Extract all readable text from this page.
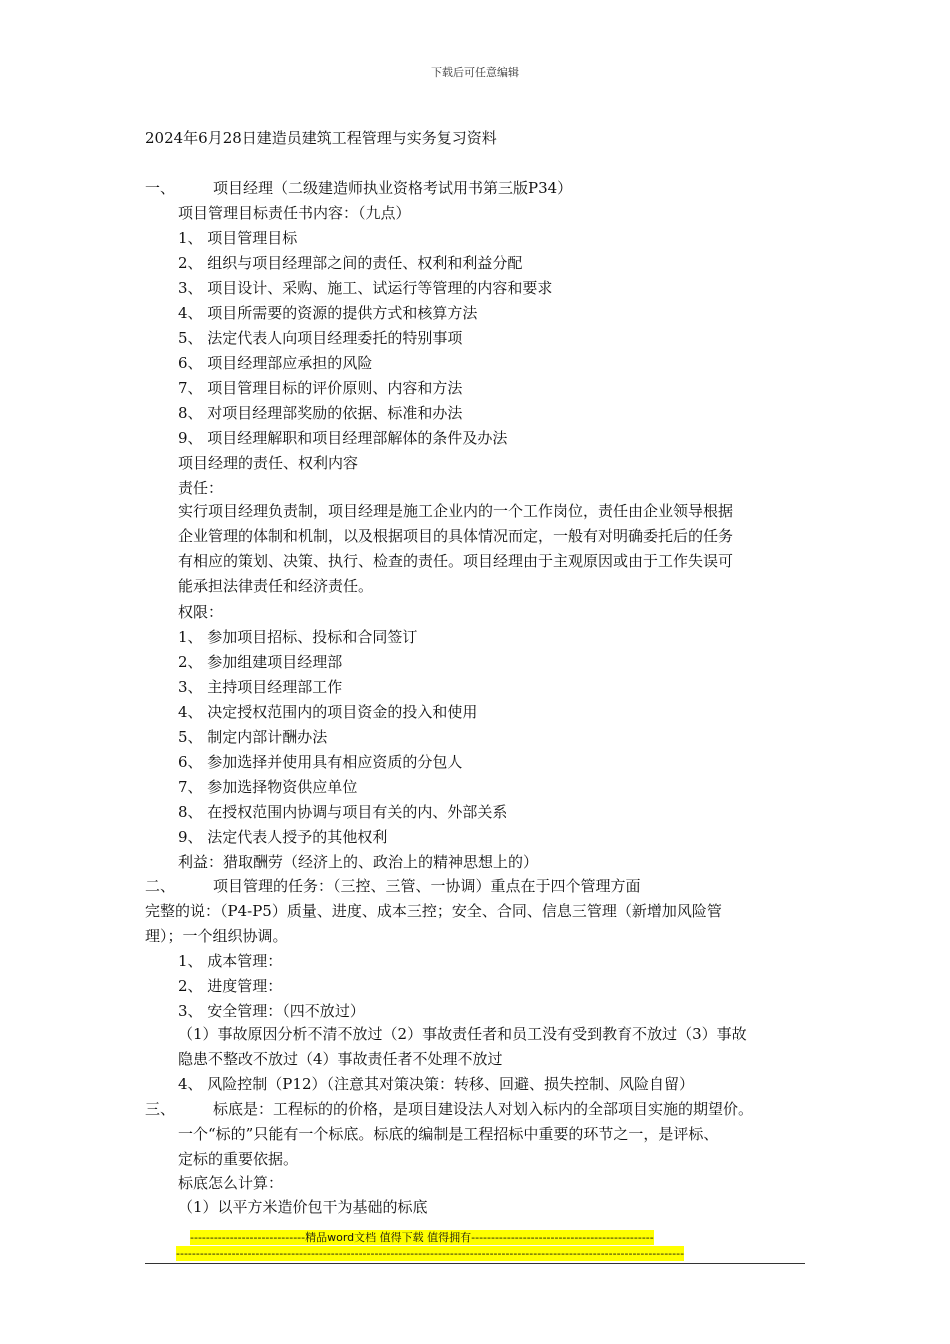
下载后可任意编辑
2024年6月28日建造员建筑工程管理与实务复习资料
一、	项目经理（二级建造师执业资格考试用书第三版P34）
项目管理目标责任书内容：（九点）
1、 项目管理目标
2、 组织与项目经理部之间的责任、权利和利益分配
3、 项目设计、采购、施工、试运行等管理的内容和要求
4、 项目所需要的资源的提供方式和核算方法
5、 法定代表人向项目经理委托的特别事项
6、 项目经理部应承担的风险
7、 项目管理目标的评价原则、内容和方法
8、 对项目经理部奖励的依据、标准和办法
9、 项目经理解职和项目经理部解体的条件及办法
项目经理的责任、权利内容
责任：
实行项目经理负责制，项目经理是施工企业内的一个工作岗位，责任由企业领导根据
企业管理的体制和机制，以及根据项目的具体情况而定，一般有对明确委托后的任务
有相应的策划、决策、执行、检查的责任。项目经理由于主观原因或由于工作失误可
能承担法律责任和经济责任。
权限：
1、 参加项目招标、投标和合同签订
2、 参加组建项目经理部
3、 主持项目经理部工作
4、 决定授权范围内的项目资金的投入和使用
5、 制定内部计酬办法
6、 参加选择并使用具有相应资质的分包人
7、 参加选择物资供应单位
8、 在授权范围内协调与项目有关的内、外部关系
9、 法定代表人授予的其他权利
利益：猎取酬劳（经济上的、政治上的精神思想上的）
二、	项目管理的任务：（三控、三管、一协调）重点在于四个管理方面
完整的说：（P4-P5）质量、进度、成本三控；安全、合同、信息三管理（新增加风险管
理）；一个组织协调。
1、 成本管理：
2、 进度管理：
3、 安全管理：（四不放过）
（1）事故原因分析不清不放过（2）事故责任者和员工没有受到教育不放过（3）事故
隐患不整改不放过（4）事故责任者不处理不放过
4、 风险控制（P12）（注意其对策决策：转移、回避、损失控制、风险自留）
三、	标底是：工程标的的价格，是项目建设法人对划入标内的全部项目实施的期望价。
一个“标的”只能有一个标底。标底的编制是工程招标中重要的环节之一，是评标、
定标的重要依据。
标底怎么计算：
（1）以平方米造价包干为基础的标底
-----------------------------精品word文档 值得下载 值得拥有----------------------------------------------
--------------------------------------------------------------------------------------------------------------------------------
